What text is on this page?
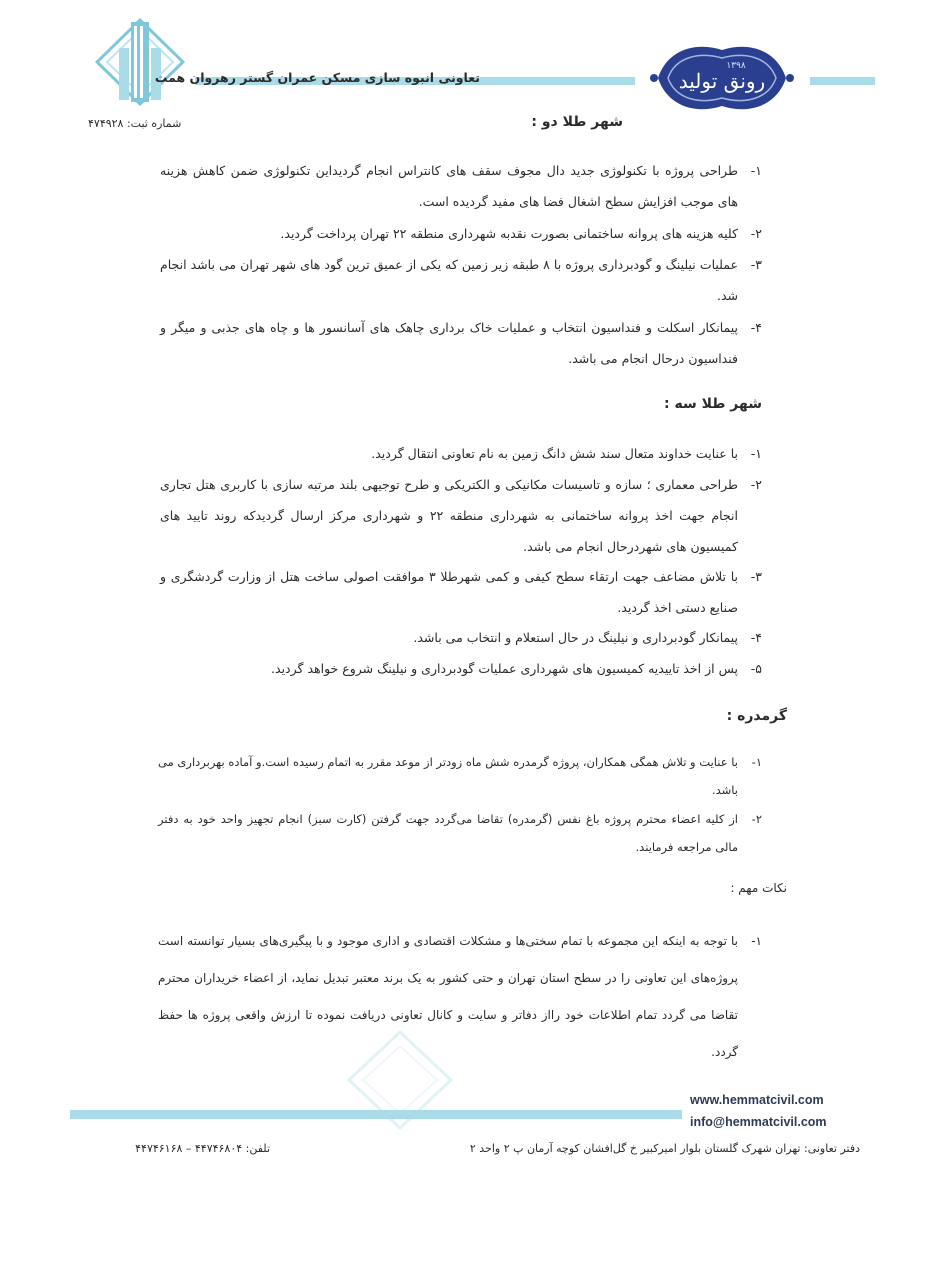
تعاونی انبوه سازی مسکن عمران گستر رهروان همت	رونق تولید
۱۳۹۸
شماره ثبت: ۴۷۴۹۲۸	شهر طلا دو :
۱-
طراحی پروژه با تکنولوژی جدید دال مجوف سقف های کانتراس انجام گردیداین تکنولوژی ضمن کاهش هزینه های موجب افزایش سطح اشغال فضا های مفید گردیده است.
۲-
کلیه هزینه های پروانه ساختمانی بصورت نقدبه شهرداری منطقه ۲۲ تهران پرداخت گردید.
۳-
عملیات نیلینگ و گودبرداری پروژه با ۸ طبقه زیر زمین که یکی از عمیق ترین گود های شهر تهران می باشد انجام شد.
۴-
پیمانکار اسکلت و فنداسیون انتخاب و عملیات خاک برداری چاهک های آسانسور ها و چاه های جذبی و میگر و فنداسیون درحال انجام می باشد.
شهر طلا سه :
۱-
با عنایت خداوند متعال سند شش دانگ زمین به نام تعاونی انتقال گردید.
۲-
طراحی معماری ؛ سازه و تاسیسات مکانیکی و الکتریکی و طرح توجیهی بلند مرتبه سازی با کاربری هتل تجاری انجام جهت اخذ پروانه ساختمانی به شهرداری منطقه ۲۲ و شهرداری مرکز ارسال گردیدکه روند تایید های کمیسیون های شهردرحال انجام می باشد.
۳-
با تلاش مضاعف جهت ارتقاء سطح کیفی و کمی شهرطلا ۳ موافقت اصولی ساخت هتل از وزارت گردشگری و صنایع دستی اخذ گردید.
۴-
پیمانکار گودبرداری و نیلینگ در حال استعلام و انتخاب می باشد.
۵-
پس از اخذ تاییدیه کمیسیون های شهرداری عملیات گودبرداری و نیلینگ شروع خواهد گردید.
گرمدره :
۱-
با عنایت و تلاش همگی همکاران، پروژه گرمدره شش ماه زودتر از موعد مقرر به اتمام رسیده است.و آماده بهربرداری می باشد.
۲-
از کلیه اعضاء محترم پروژه باغ نفس (گرمدره) تقاضا می‌گردد جهت گرفتن (کارت سبز) انجام تجهیز واحد خود به دفتر مالی مراجعه فرمایند.
نکات مهم :
۱-
با توجه به اینکه این مجموعه با تمام سختی‌ها و مشکلات اقتصادی و اداری موجود و با پیگیری‌های بسیار توانسته است پروژه‌های این تعاونی را در سطح استان تهران و حتی کشور به یک برند معتبر تبدیل نماید، از اعضاء خریداران محترم تقاضا می گردد تمام اطلاعات خود رااز دفاتر و سایت و کانال تعاونی دریافت نموده تا ارزش واقعی پروژه ها حفظ گردد.
www.hemmatcivil.com
info@hemmatcivil.com
دفتر تعاونی: تهران شهرک گلستان بلوار امیرکبیر خ گل‌افشان کوچه آرمان پ ۲ واحد ۲
تلفن: ۴۴۷۴۶۸۰۴ – ۴۴۷۴۶۱۶۸
